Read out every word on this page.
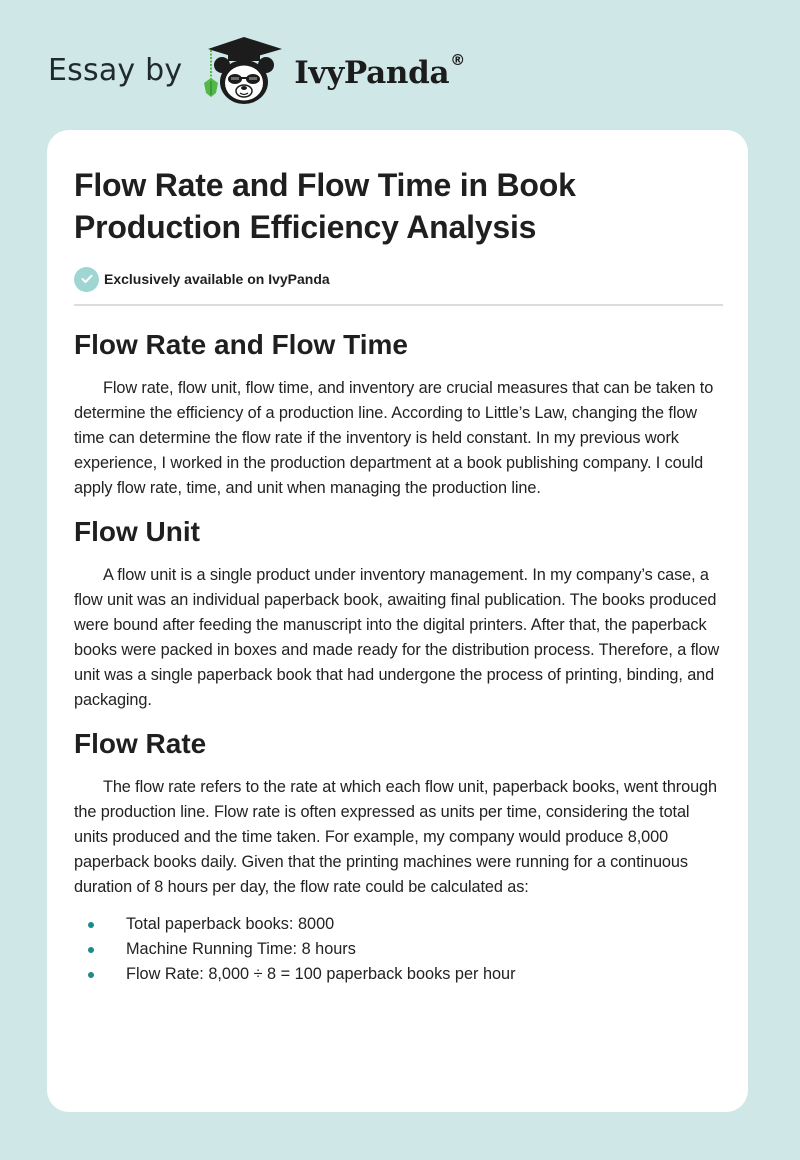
Essay by	IvyPanda®
Flow Rate and Flow Time in Book Production Efficiency Analysis
Exclusively available on IvyPanda
Flow Rate and Flow Time

Flow rate, flow unit, flow time, and inventory are crucial measures that can be taken to determine the efficiency of a production line. According to Little’s Law, changing the flow time can determine the flow rate if the inventory is held constant. In my previous work experience, I worked in the production department at a book publishing company. I could apply flow rate, time, and unit when managing the production line.

Flow Unit

A flow unit is a single product under inventory management. In my company’s case, a flow unit was an individual paperback book, awaiting final publication. The books produced were bound after feeding the manuscript into the digital printers. After that, the paperback books were packed in boxes and made ready for the distribution process. Therefore, a flow unit was a single paperback book that had undergone the process of printing, binding, and packaging.

Flow Rate

The flow rate refers to the rate at which each flow unit, paperback books, went through the production line. Flow rate is often expressed as units per time, considering the total units produced and the time taken. For example, my company would produce 8,000 paperback books daily. Given that the printing machines were running for a continuous duration of 8 hours per day, the flow rate could be calculated as:

Total paperback books: 8000
Machine Running Time: 8 hours
Flow Rate: 8,000 ÷ 8 = 100 paperback books per hour
